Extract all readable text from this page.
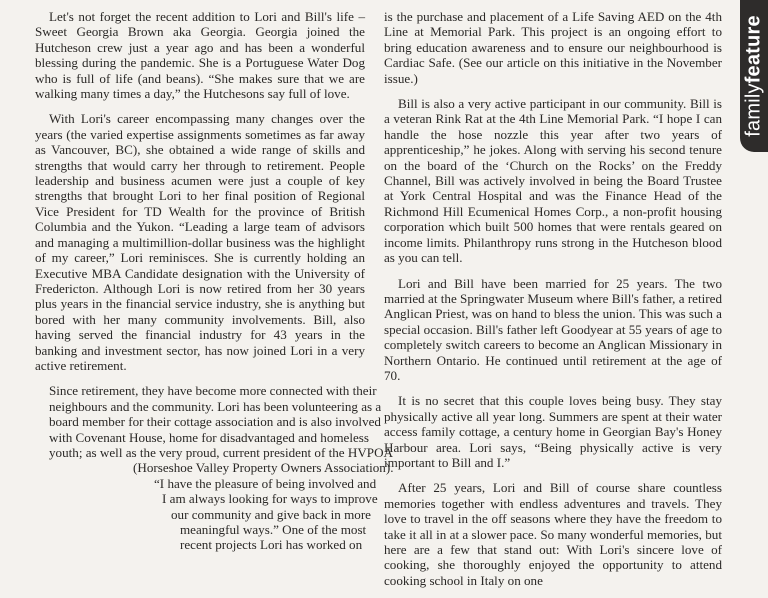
Let's not forget the recent addition to Lori and Bill's life – Sweet Georgia Brown aka Georgia. Georgia joined the Hutcheson crew just a year ago and has been a wonderful blessing during the pandemic. She is a Portuguese Water Dog who is full of life (and beans). “She makes sure that we are walking many times a day,” the Hutchesons say full of love.

With Lori's career encompassing many changes over the years (the varied expertise assignments sometimes as far away as Vancouver, BC), she obtained a wide range of skills and strengths that would carry her through to retirement. People leadership and business acumen were just a couple of key strengths that brought Lori to her final position of Regional Vice President for TD Wealth for the province of British Columbia and the Yukon. “Leading a large team of advisors and managing a multimillion-dollar business was the highlight of my career,” Lori reminisces. She is currently holding an Executive MBA Candidate designation with the University of Fredericton. Although Lori is now retired from her 30 years plus years in the financial service industry, she is anything but bored with her many community involvements. Bill, also having served the financial industry for 43 years in the banking and investment sector, has now joined Lori in a very active retirement.

Since retirement, they have become more connected with their
neighbours and the community. Lori has been volunteering as a
board member for their cottage association and is also involved
with Covenant House, home for disadvantaged and homeless
youth; as well as the very proud, current president of the HVPOA
(Horseshoe Valley Property Owners Association).
“I have the pleasure of being involved and
I am always looking for ways to improve
our community and give back in more
meaningful ways.” One of the most
recent projects Lori has worked on

is the purchase and placement of a Life Saving AED on the 4th Line at Memorial Park. This project is an ongoing effort to bring education awareness and to ensure our neighbourhood is Cardiac Safe. (See our article on this initiative in the November issue.)

Bill is also a very active participant in our community. Bill is a veteran Rink Rat at the 4th Line Memorial Park. “I hope I can handle the hose nozzle this year after two years of apprenticeship,” he jokes. Along with serving his second tenure on the board of the ‘Church on the Rocks’ on the Freddy Channel, Bill was actively involved in being the Board Trustee at York Central Hospital and was the Finance Head of the Richmond Hill Ecumenical Homes Corp., a non-profit housing corporation which built 500 homes that were rentals geared on income limits. Philanthropy runs strong in the Hutcheson blood as you can tell.

Lori and Bill have been married for 25 years. The two married at the Springwater Museum where Bill's father, a retired Anglican Priest, was on hand to bless the union. This was such a special occasion. Bill's father left Goodyear at 55 years of age to completely switch careers to become an Anglican Missionary in Northern Ontario. He continued until retirement at the age of 70.

It is no secret that this couple loves being busy. They stay physically active all year long. Summers are spent at their water access family cottage, a century home in Georgian Bay's Honey Harbour area. Lori says, “Being physically active is very important to Bill and I.”

After 25 years, Lori and Bill of course share countless memories together with endless adventures and travels. They love to travel in the off seasons where they have the freedom to take it all in at a slower pace. So many wonderful memories, but here are a few that stand out: With Lori's sincere love of cooking, she thoroughly enjoyed the opportunity to attend cooking school in Italy on one

familyfeature
